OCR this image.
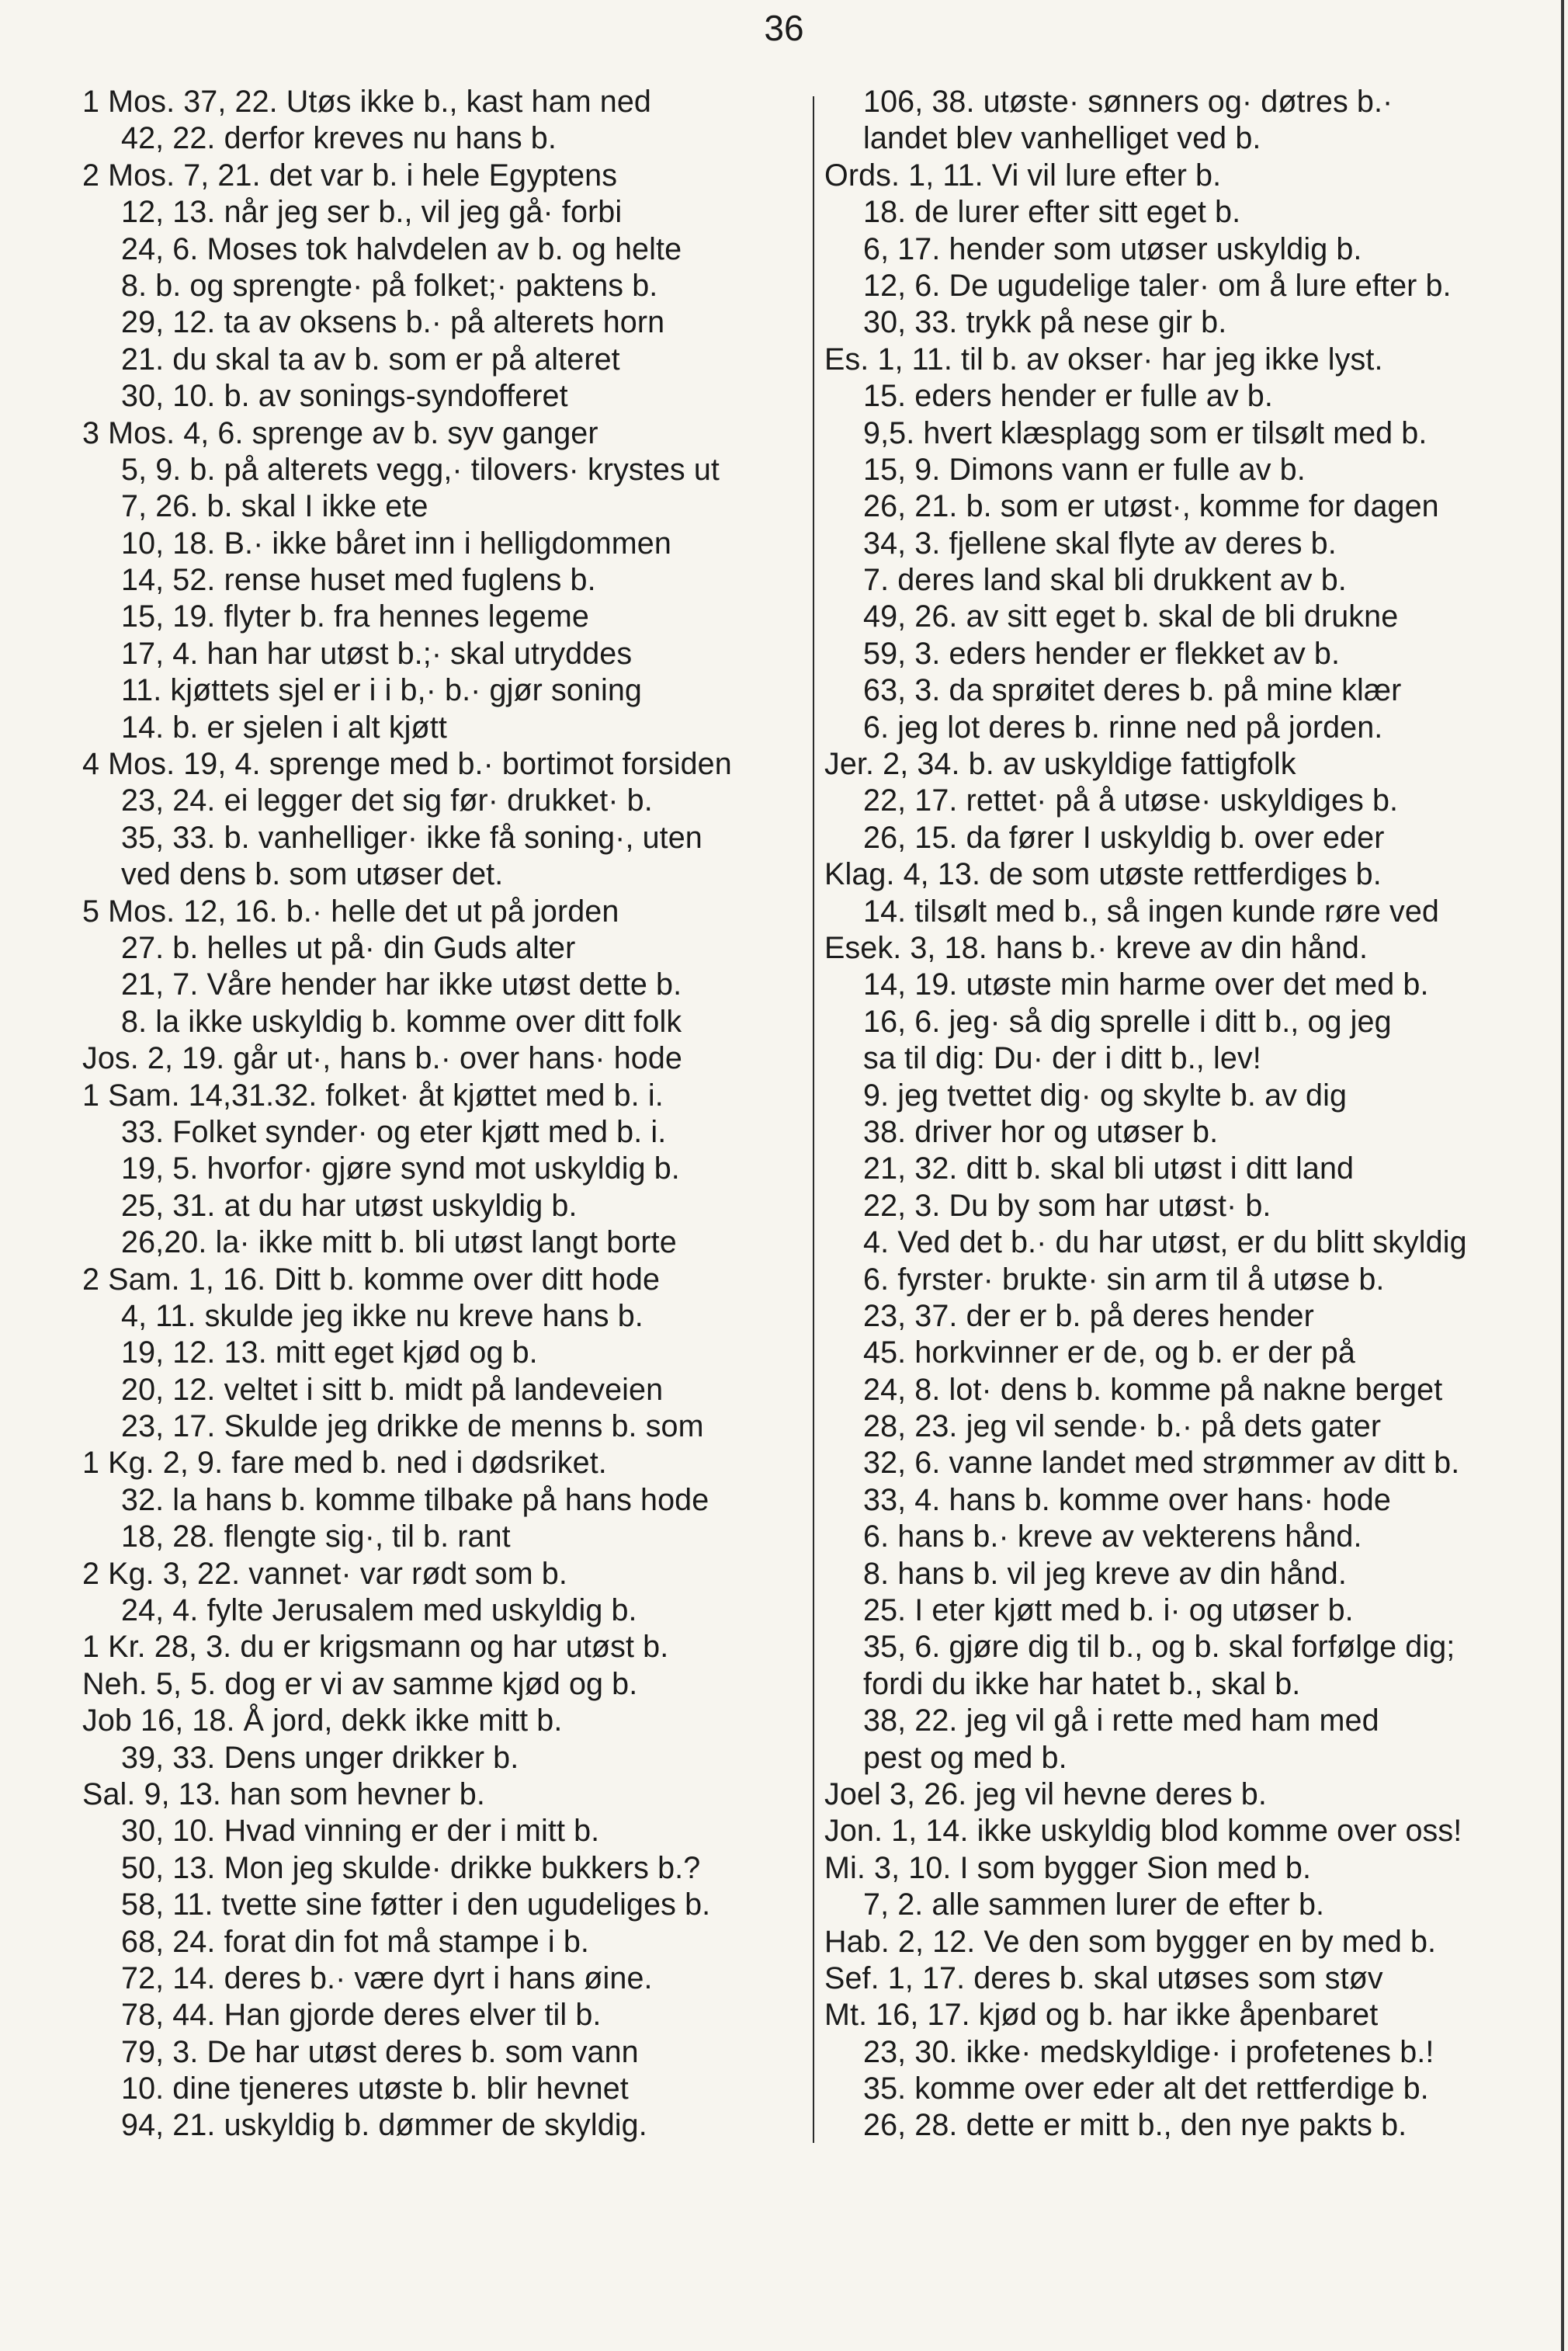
36
1 Mos. 37, 22. Utøs ikke b., kast ham ned
42, 22. derfor kreves nu hans b.
2 Mos. 7, 21. det var b. i hele Egyptens
12, 13. når jeg ser b., vil jeg gå· forbi
24, 6. Moses tok halvdelen av b. og helte
8. b. og sprengte· på folket;· paktens b.
29, 12. ta av oksens b.· på alterets horn
21. du skal ta av b. som er på alteret
30, 10. b. av sonings-syndofferet
3 Mos. 4, 6. sprenge av b. syv ganger
5, 9. b. på alterets vegg,· tilovers· krystes ut
7, 26. b. skal I ikke ete
10, 18. B.· ikke båret inn i helligdommen
14, 52. rense huset med fuglens b.
15, 19. flyter b. fra hennes legeme
17, 4. han har utøst b.;· skal utryddes
11. kjøttets sjel er i i b,· b.· gjør soning
14. b. er sjelen i alt kjøtt
4 Mos. 19, 4. sprenge med b.· bortimot forsiden
23, 24. ei legger det sig før· drukket· b.
35, 33. b. vanhelliger· ikke få soning·, uten
ved dens b. som utøser det.
5 Mos. 12, 16. b.· helle det ut på jorden
27. b. helles ut på· din Guds alter
21, 7. Våre hender har ikke utøst dette b.
8. la ikke uskyldig b. komme over ditt folk
Jos. 2, 19. går ut·, hans b.· over hans· hode
1 Sam. 14,31.32. folket· åt kjøttet med b. i.
33. Folket synder· og eter kjøtt med b. i.
19, 5. hvorfor· gjøre synd mot uskyldig b.
25, 31. at du har utøst uskyldig b.
26,20. la· ikke mitt b. bli utøst langt borte
2 Sam. 1, 16. Ditt b. komme over ditt hode
4, 11. skulde jeg ikke nu kreve hans b.
19, 12. 13. mitt eget kjød og b.
20, 12. veltet i sitt b. midt på landeveien
23, 17. Skulde jeg drikke de menns b. som
1 Kg. 2, 9. fare med b. ned i dødsriket.
32. la hans b. komme tilbake på hans hode
18, 28. flengte sig·, til b. rant
2 Kg. 3, 22. vannet· var rødt som b.
24, 4. fylte Jerusalem med uskyldig b.
1 Kr. 28, 3. du er krigsmann og har utøst b.
Neh. 5, 5. dog er vi av samme kjød og b.
Job 16, 18. Å jord, dekk ikke mitt b.
39, 33. Dens unger drikker b.
Sal. 9, 13. han som hevner b.
30, 10. Hvad vinning er der i mitt b.
50, 13. Mon jeg skulde· drikke bukkers b.?
58, 11. tvette sine føtter i den ugudeliges b.
68, 24. forat din fot må stampe i b.
72, 14. deres b.· være dyrt i hans øine.
78, 44. Han gjorde deres elver til b.
79, 3. De har utøst deres b. som vann
10. dine tjeneres utøste b. blir hevnet
94, 21. uskyldig b. dømmer de skyldig.
106, 38. utøste· sønners og· døtres b.·
landet blev vanhelliget ved b.
Ords. 1, 11. Vi vil lure efter b.
18. de lurer efter sitt eget b.
6, 17. hender som utøser uskyldig b.
12, 6. De ugudelige taler· om å lure efter b.
30, 33. trykk på nese gir b.
Es. 1, 11. til b. av okser· har jeg ikke lyst.
15. eders hender er fulle av b.
9,5. hvert klæsplagg som er tilsølt med b.
15, 9. Dimons vann er fulle av b.
26, 21. b. som er utøst·, komme for dagen
34, 3. fjellene skal flyte av deres b.
7. deres land skal bli drukkent av b.
49, 26. av sitt eget b. skal de bli drukne
59, 3. eders hender er flekket av b.
63, 3. da sprøitet deres b. på mine klær
6. jeg lot deres b. rinne ned på jorden.
Jer. 2, 34. b. av uskyldige fattigfolk
22, 17. rettet· på å utøse· uskyldiges b.
26, 15. da fører I uskyldig b. over eder
Klag. 4, 13. de som utøste rettferdiges b.
14. tilsølt med b., så ingen kunde røre ved
Esek. 3, 18. hans b.· kreve av din hånd.
14, 19. utøste min harme over det med b.
16, 6. jeg· så dig sprelle i ditt b., og jeg
sa til dig: Du· der i ditt b., lev!
9. jeg tvettet dig· og skylte b. av dig
38. driver hor og utøser b.
21, 32. ditt b. skal bli utøst i ditt land
22, 3. Du by som har utøst· b.
4. Ved det b.· du har utøst, er du blitt skyldig
6. fyrster· brukte· sin arm til å utøse b.
23, 37. der er b. på deres hender
45. horkvinner er de, og b. er der på
24, 8. lot· dens b. komme på nakne berget
28, 23. jeg vil sende· b.· på dets gater
32, 6. vanne landet med strømmer av ditt b.
33, 4. hans b. komme over hans· hode
6. hans b.· kreve av vekterens hånd.
8. hans b. vil jeg kreve av din hånd.
25. I eter kjøtt med b. i· og utøser b.
35, 6. gjøre dig til b., og b. skal forfølge dig;
fordi du ikke har hatet b., skal b.
38, 22. jeg vil gå i rette med ham med
pest og med b.
Joel 3, 26. jeg vil hevne deres b.
Jon. 1, 14. ikke uskyldig blod komme over oss!
Mi. 3, 10. I som bygger Sion med b.
7, 2. alle sammen lurer de efter b.
Hab. 2, 12. Ve den som bygger en by med b.
Sef. 1, 17. deres b. skal utøses som støv
Mt. 16, 17. kjød og b. har ikke åpenbaret
23, 30. ikke· medskyldige· i profetenes b.!
35. komme over eder alt det rettferdige b.
26, 28. dette er mitt b., den nye pakts b.
